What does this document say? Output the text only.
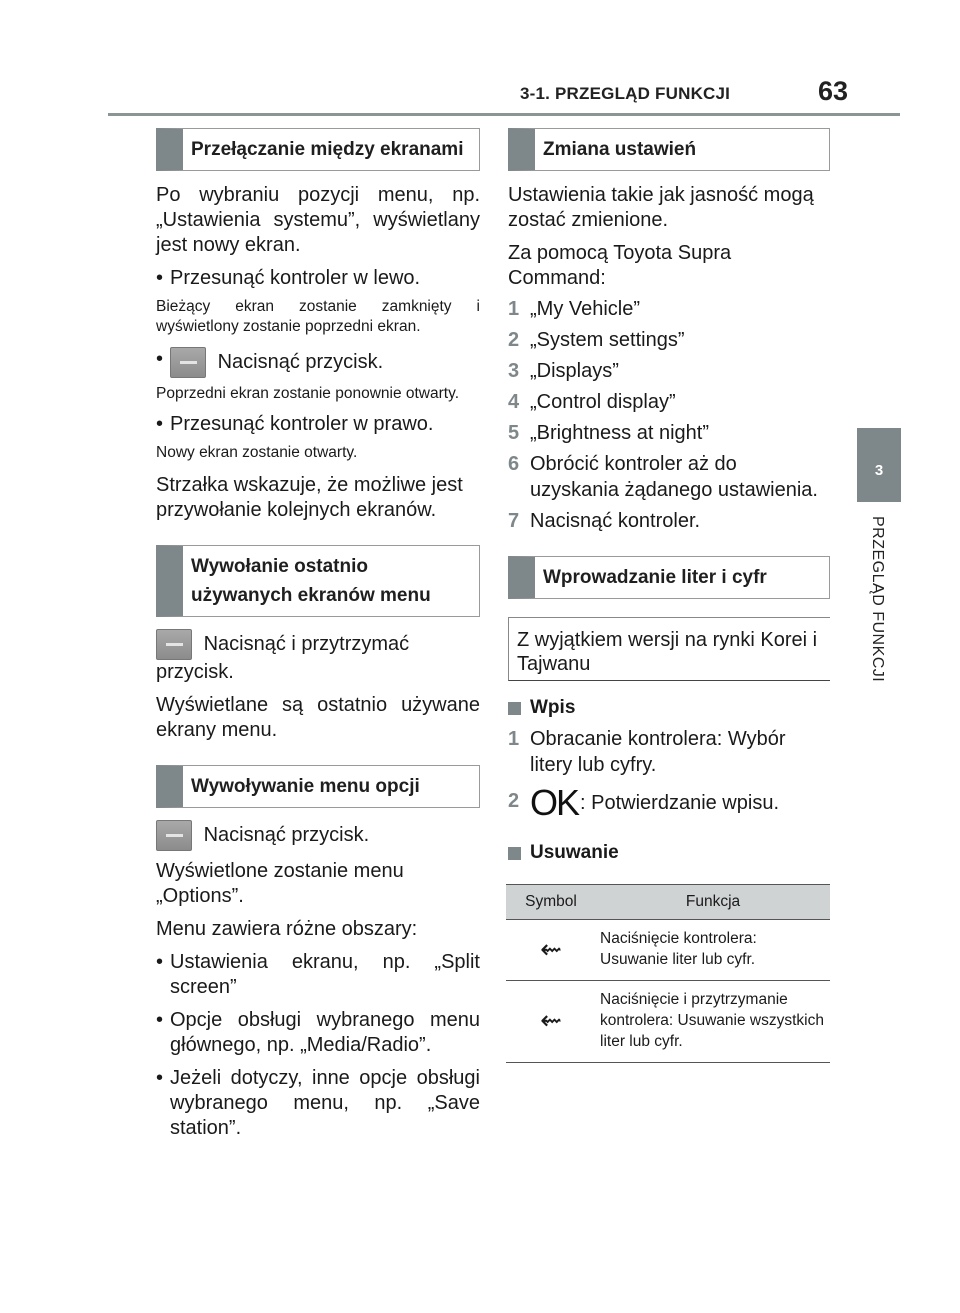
3-1. PRZEGLĄD FUNKCJI	63
3
PRZEGLĄD FUNKCJI
Przełączanie między ekranami
Po wybraniu pozycji menu, np. „Ustawienia systemu”, wyświetlany jest nowy ekran.
• Przesunąć kontroler w lewo.
Bieżący ekran zostanie zamknięty i wyświetlony zostanie poprzedni ekran.
• Nacisnąć przycisk.
Poprzedni ekran zostanie ponownie otwarty.
• Przesunąć kontroler w prawo.
Nowy ekran zostanie otwarty.
Strzałka wskazuje, że możliwe jest przywołanie kolejnych ekranów.
Wywołanie ostatnio używanych ekranów menu
Nacisnąć i przytrzymać przycisk.
Wyświetlane są ostatnio używane ekrany menu.
Wywoływanie menu opcji
Nacisnąć przycisk.
Wyświetlone zostanie menu „Options”.
Menu zawiera różne obszary:
• Ustawienia ekranu, np. „Split screen”
• Opcje obsługi wybranego menu głównego, np. „Media/Radio”.
• Jeżeli dotyczy, inne opcje obsługi wybranego menu, np. „Save station”.
Zmiana ustawień
Ustawienia takie jak jasność mogą zostać zmienione.
Za pomocą Toyota Supra Command:
1 „My Vehicle”
2 „System settings”
3 „Displays”
4 „Control display”
5 „Brightness at night”
6 Obrócić kontroler aż do uzyskania żądanego ustawienia.
7 Nacisnąć kontroler.
Wprowadzanie liter i cyfr
Z wyjątkiem wersji na rynki Korei i Tajwanu
Wpis
1 Obracanie kontrolera: Wybór litery lub cyfry.
2 OK : Potwierdzanie wpisu.
Usuwanie
Symbol	Funkcja
⇜	Naciśnięcie kontrolera: Usuwanie liter lub cyfr.
⇜	Naciśnięcie i przytrzymanie kontrolera: Usuwanie wszystkich liter lub cyfr.
